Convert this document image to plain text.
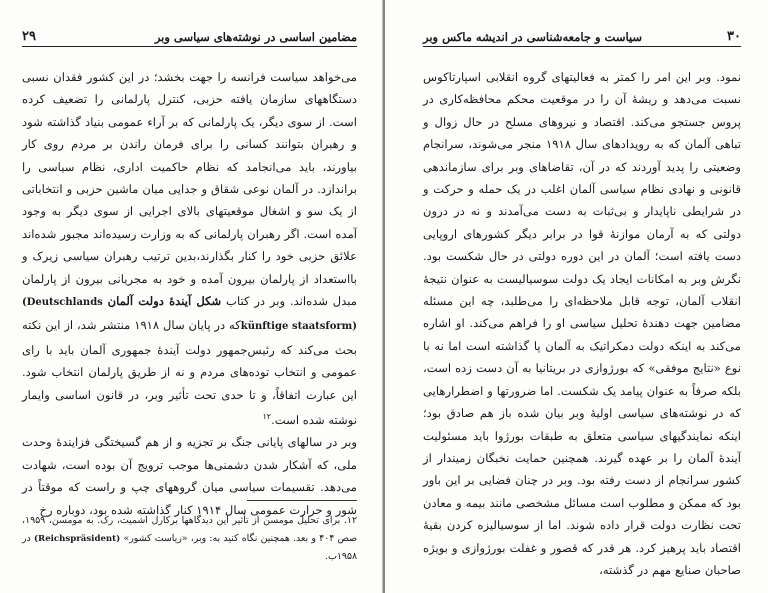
مضامین اساسی در نوشته‌های سیاسی وبر
۲۹

می‌خواهد سیاست فرانسه را جهت بخشد؛ در این کشور فقدان نسبی دستگاههای سازمان یافته حزبی، کنترل پارلمانی را تضعیف کرده است. از سوی دیگر، یک پارلمانی که بر آراء عمومی بنیاد گذاشته شود و رهبران بتوانند کسانی را برای فرمان راندن بر مردم روی کار بیاورند، باید می‌انجامد که نظام حاکمیت اداری، نظام سیاسی را براندازد. در آلمان نوعی شقاق و جدایی میان ماشین حزبی و انتخاباتی از یک سو و اشغال موقعیتهای بالای اجرایی از سوی دیگر به وجود آمده است. اگر رهبران پارلمانی که به وزارت رسیده‌اند مجبور شده‌اند علائق حزبی خود را کنار بگذارند،بدین ترتیب رهبران سیاسی زیرک و بااستعداد از پارلمان بیرون آمده و خود به مجریانی بیرون از پارلمان مبدل شده‌اند. وبر در کتاب شکل آیندۀ دولت آلمان (Deutschlands künftige staatsform)که در پایان سال ۱۹۱۸ منتشر شد، از این نکته بحث می‌کند که رئیس‌جمهور دولت آیندۀ جمهوری آلمان باید با رای عمومی و انتخاب توده‌های مردم و نه از طریق پارلمان انتخاب شود. این عبارت اتفاقاً، و تا حدی تحت تأثیر وبر، در قانون اساسی وایمار نوشته شده است.$^{۱۲}$

وبر در سالهای پایانی جنگ بر تجزیه و از هم گسیختگی فزایندۀ وحدت ملی، که آشکار شدن دشمنی‌ها موجب ترویج آن بوده است، شهادت می‌دهد. تقسیمات سیاسی میان گروههای چپ و راست که موقتاً در شور و حرارت عمومی سال ۱۹۱۴ کنار گذاشته شده بود، دوباره رخ

۱۲. برای تحلیل مومسن از تأثیر این دیدگاهها برکارل اشمیت، رک. به مومسن، ۱۹۵۹، صص ۴۰۴ و بعد. همچنین نگاه کنید به: وبر، «ریاست کشور» (Reichspräsident) در ۱۹۵۸ب.
۳۰
سیاست و جامعه‌شناسی در اندیشه ماکس وبر

نمود. وبر این امر را کمتر به فعالیتهای گروه انقلابی اسپارتاکوس نسبت می‌دهد و ریشۀ آن را در موقعیت محکم محافظه‌کاری در پروس جستجو می‌کند. اقتصاد و نیروهای مسلح در حال زوال و تباهی آلمان که به رویدادهای سال ۱۹۱۸ منجر می‌شوند، سرانجام وضعیتی را پدید آوردند که در آن، تقاضاهای وبر برای سازماندهی قانونی و نهادی نظام سیاسی آلمان اغلب در یک حمله و حرکت و در شرایطی ناپایدار و بی‌ثبات به دست می‌آمدند و نه در درون دولتی که به آرمان موازنۀ قوا در برابر دیگر کشورهای اروپایی دست یافته است؛ آلمان در این دوره دولتی در حال شکست بود. نگرش وبر به امکانات ایجاد یک دولت سوسیالیست به عنوان نتیجۀ انقلاب آلمان، توجه قابل ملاحظه‌ای را می‌طلبد، چه این مسئله مضامین جهت دهندۀ تحلیل سیاسی او را فراهم می‌کند. او اشاره می‌کند به اینکه دولت دمکراتیک به آلمان پا گذاشته است اما نه با نوع «نتایج موفقی» که بورژوازی در بریتانیا به آن دست زده است، بلکه صرفاً به عنوان پیامد یک شکست. اما ضرورتها و اضطرارهایی که در نوشته‌های سیاسی اولیۀ وبر بیان شده باز هم صادق بود؛ اینکه نمایندگیهای سیاسی متعلق به طبقات بورژوا باید مسئولیت آیندۀ آلمان را بر عهده گیرند. همچنین حمایت نخبگان زمیندار از کشور سرانجام از دست رفته بود. وبر در چنان فضایی بر این باور بود که ممکن و مطلوب است مسائل مشخصی مانند بیمه و معادن تحت نظارت دولت قرار داده شوند. اما از سوسیالیزه کردن بقیۀ اقتصاد باید پرهیز کرد. هر قدر که قصور و غفلت بورژوازی و بویژه صاحبان صنایع مهم در گذشته،
